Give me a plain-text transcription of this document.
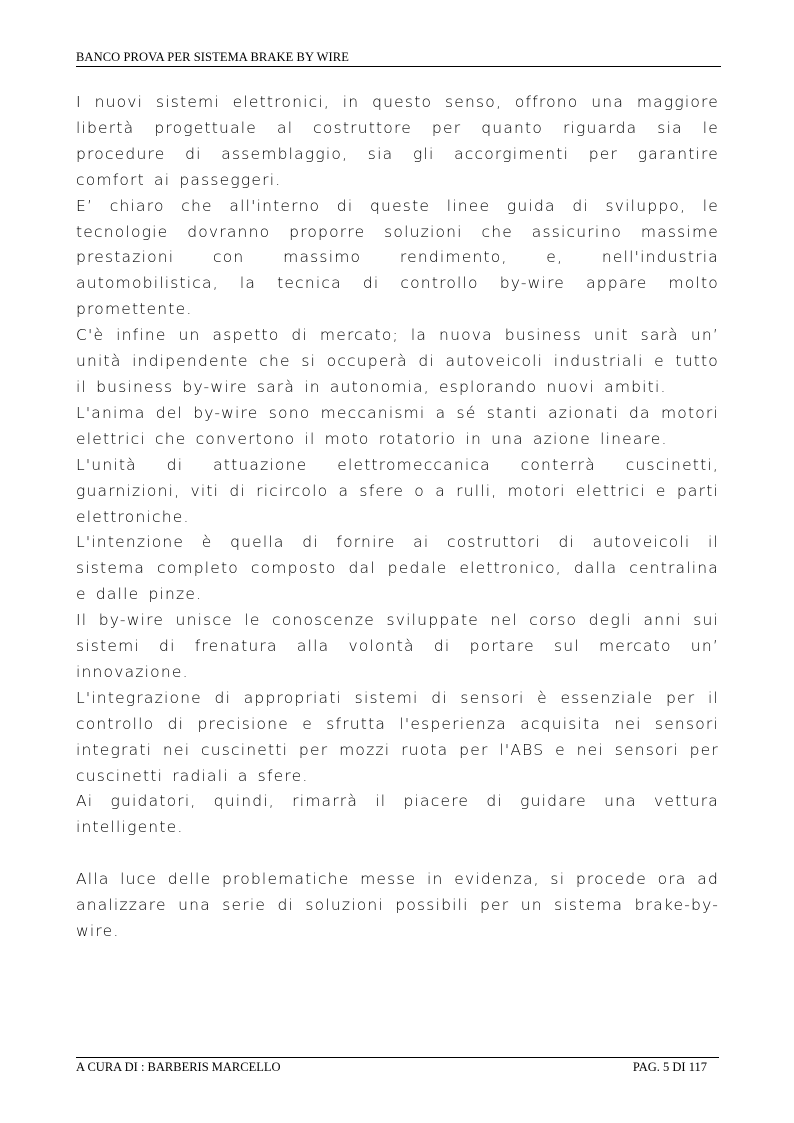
BANCO PROVA PER SISTEMA BRAKE BY WIRE

I nuovi sistemi elettronici, in questo senso, offrono una maggiore libertà progettuale al costruttore per quanto riguarda sia le procedure di assemblaggio, sia gli accorgimenti per garantire comfort ai passeggeri.

E’ chiaro che all'interno di queste linee guida di sviluppo, le tecnologie dovranno proporre soluzioni che assicurino massime prestazioni con massimo rendimento, e, nell'industria automobilistica, la tecnica di controllo by-wire appare molto promettente.

C'è infine un aspetto di mercato; la nuova business unit sarà un’ unità indipendente che si occuperà di autoveicoli industriali e tutto il business by-wire sarà in autonomia, esplorando nuovi ambiti.

L'anima del by-wire sono meccanismi a sé stanti azionati da motori elettrici che convertono il moto rotatorio in una azione lineare.

L'unità di attuazione elettromeccanica conterrà cuscinetti, guarnizioni, viti di ricircolo a sfere o a rulli, motori elettrici e parti elettroniche.

L'intenzione è quella di fornire ai costruttori di autoveicoli il sistema completo composto dal pedale elettronico, dalla centralina e dalle pinze.

Il by-wire unisce le conoscenze sviluppate nel corso degli anni sui sistemi di frenatura alla volontà di portare sul mercato un’ innovazione.

L'integrazione di appropriati sistemi di sensori è essenziale per il controllo di precisione e sfrutta l'esperienza acquisita nei sensori integrati nei cuscinetti per mozzi ruota per l'ABS e nei sensori per cuscinetti radiali a sfere.

Ai guidatori, quindi, rimarrà il piacere di guidare una vettura intelligente.

Alla luce delle problematiche messe in evidenza, si procede ora ad analizzare una serie di soluzioni possibili per un sistema brake-by-wire.

A CURA DI : BARBERIS MARCELLO	PAG. 5 DI 117
